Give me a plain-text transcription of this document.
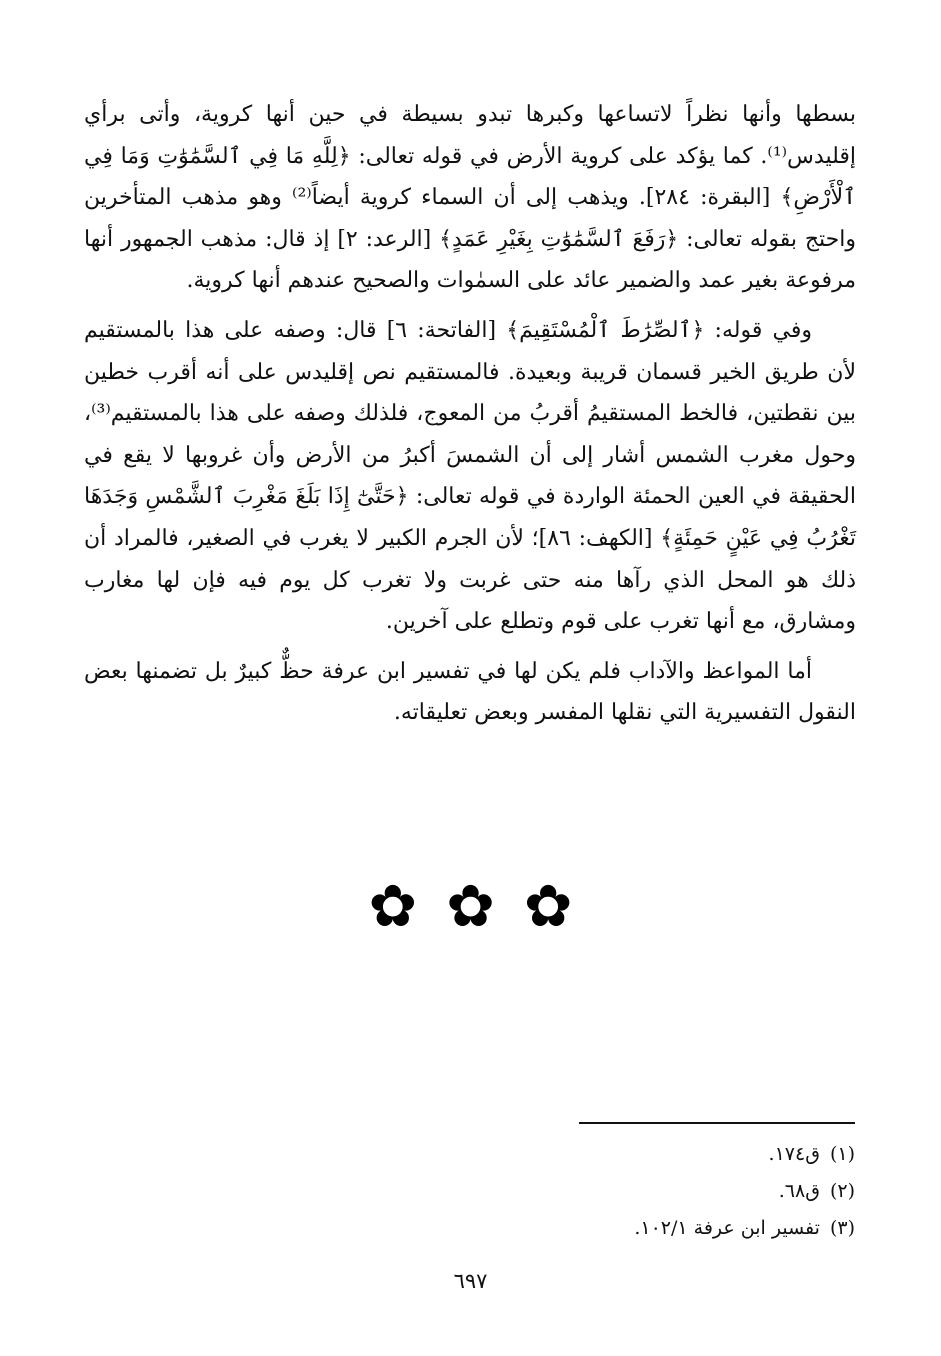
بسطها وأنها نظراً لاتساعها وكبرها تبدو بسيطة في حين أنها كروية، وأتى برأي إقليدس⁽¹⁾. كما يؤكد على كروية الأرض في قوله تعالى: ﴿لِلَّهِ مَا فِي ٱلسَّمَٰوَٰتِ وَمَا فِي ٱلْأَرْضِ﴾ [البقرة: ٢٨٤]. ويذهب إلى أن السماء كروية أيضاً⁽²⁾ وهو مذهب المتأخرين واحتج بقوله تعالى: ﴿رَفَعَ ٱلسَّمَٰوَٰتِ بِغَيْرِ عَمَدٍ﴾ [الرعد: ٢] إذ قال: مذهب الجمهور أنها مرفوعة بغير عمد والضمير عائد على السمٰوات والصحيح عندهم أنها كروية.

وفي قوله: ﴿ٱلصِّرَٰطَ ٱلْمُسْتَقِيمَ﴾ [الفاتحة: ٦] قال: وصفه على هذا بالمستقيم لأن طريق الخير قسمان قريبة وبعيدة. فالمستقيم نص إقليدس على أنه أقرب خطين بين نقطتين، فالخط المستقيمُ أقربُ من المعوج، فلذلك وصفه على هذا بالمستقيم⁽³⁾، وحول مغرب الشمس أشار إلى أن الشمسَ أكبرُ من الأرض وأن غروبها لا يقع في الحقيقة في العين الحمئة الواردة في قوله تعالى: ﴿حَتَّىٰٓ إِذَا بَلَغَ مَغْرِبَ ٱلشَّمْسِ وَجَدَهَا تَغْرُبُ فِي عَيْنٍ حَمِئَةٍ﴾ [الكهف: ٨٦]؛ لأن الجرم الكبير لا يغرب في الصغير، فالمراد أن ذلك هو المحل الذي رآها منه حتى غربت ولا تغرب كل يوم فيه فإن لها مغارب ومشارق، مع أنها تغرب على قوم وتطلع على آخرين.

أما المواعظ والآداب فلم يكن لها في تفسير ابن عرفة حظٌّ كبيرٌ بل تضمنها بعض النقول التفسيرية التي نقلها المفسر وبعض تعليقاته.

✿ ✿ ✿
(١)ق١٧٤.
(٢)ق٦٨.
(٣)تفسير ابن عرفة ١٠٢/١.
٦٩٧
